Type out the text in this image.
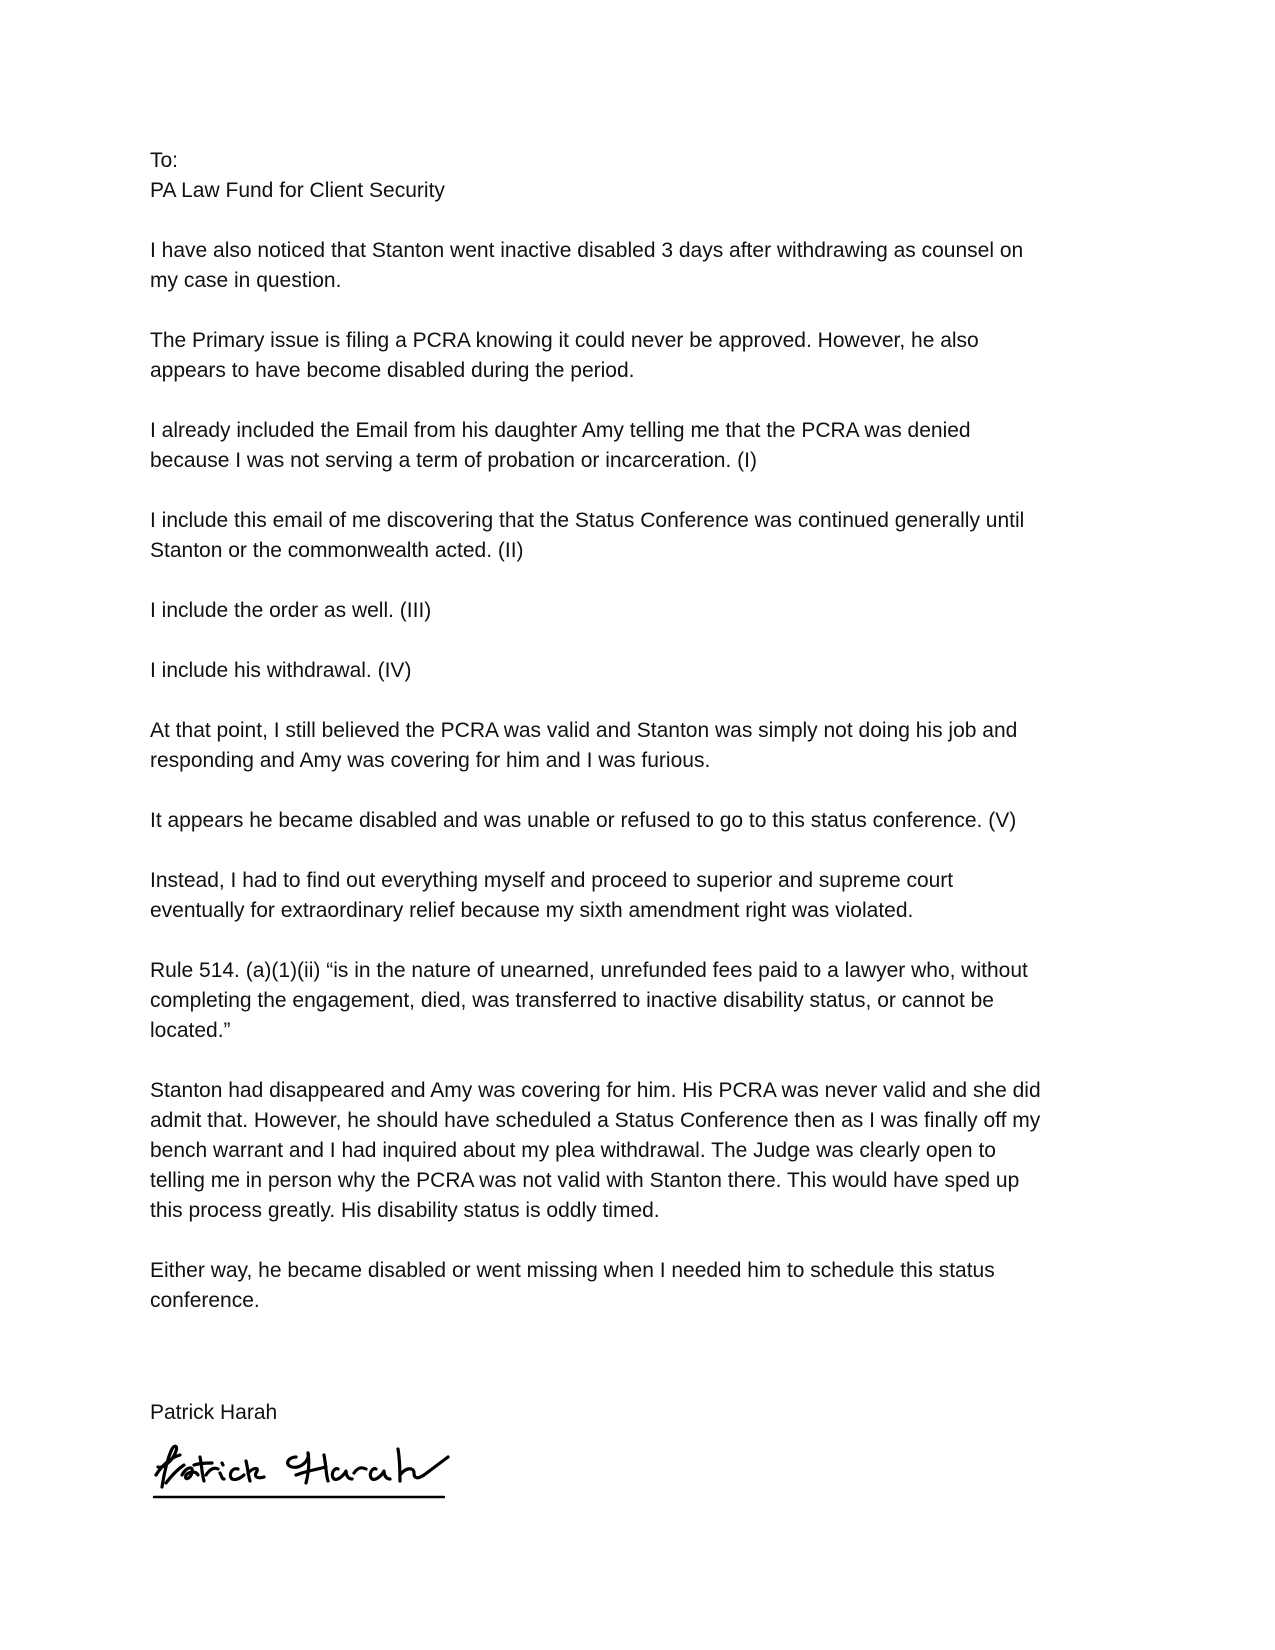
To:
PA Law Fund for Client Security
I have also noticed that Stanton went inactive disabled 3 days after withdrawing as counsel on
my case in question.
The Primary issue is filing a PCRA knowing it could never be approved. However, he also
appears to have become disabled during the period.
I already included the Email from his daughter Amy telling me that the PCRA was denied
because I was not serving a term of probation or incarceration. (I)
I include this email of me discovering that the Status Conference was continued generally until
Stanton or the commonwealth acted. (II)
I include the order as well. (III)
I include his withdrawal. (IV)
At that point, I still believed the PCRA was valid and Stanton was simply not doing his job and
responding and Amy was covering for him and I was furious.
It appears he became disabled and was unable or refused to go to this status conference. (V)
Instead, I had to find out everything myself and proceed to superior and supreme court
eventually for extraordinary relief because my sixth amendment right was violated.
Rule 514. (a)(1)(ii) “is in the nature of unearned, unrefunded fees paid to a lawyer who, without
completing the engagement, died, was transferred to inactive disability status, or cannot be
located.”
Stanton had disappeared and Amy was covering for him. His PCRA was never valid and she did
admit that. However, he should have scheduled a Status Conference then as I was finally off my
bench warrant and I had inquired about my plea withdrawal. The Judge was clearly open to
telling me in person why the PCRA was not valid with Stanton there. This would have sped up
this process greatly. His disability status is oddly timed.
Either way, he became disabled or went missing when I needed him to schedule this status
conference.

Patrick Harah
